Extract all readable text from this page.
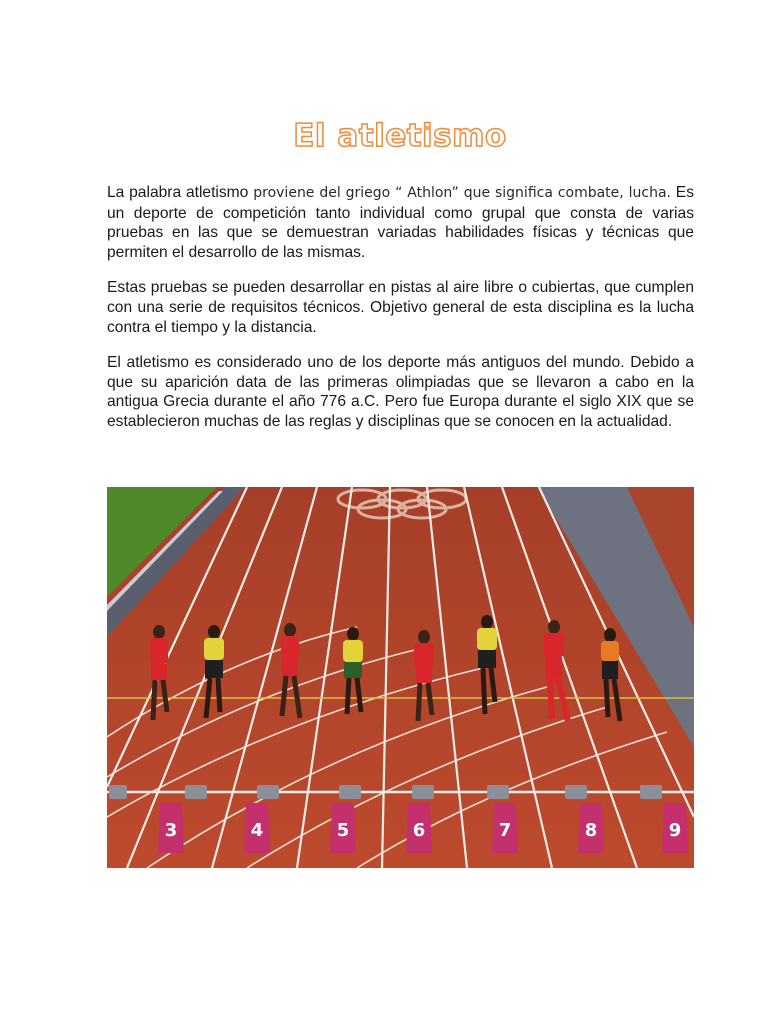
El atletismo

La palabra atletismo proviene del griego “ Athlon” que significa combate, lucha. Es un deporte de competición tanto individual como grupal que consta de varias pruebas en las que se demuestran variadas habilidades físicas y técnicas que permiten el desarrollo de las mismas.

Estas pruebas se pueden desarrollar en pistas al aire libre o cubiertas, que cumplen con una serie de requisitos técnicos. Objetivo general de esta disciplina es la lucha contra el tiempo y la distancia.

El atletismo es considerado uno de los deporte más antiguos del mundo. Debido a que su aparición data de las primeras olimpiadas que se llevaron a cabo en la antigua Grecia durante el año 776 a.C. Pero fue Europa durante el siglo XIX que se establecieron muchas de las reglas y disciplinas que se conocen en la actualidad.

3	4	5	6	7	8	9
